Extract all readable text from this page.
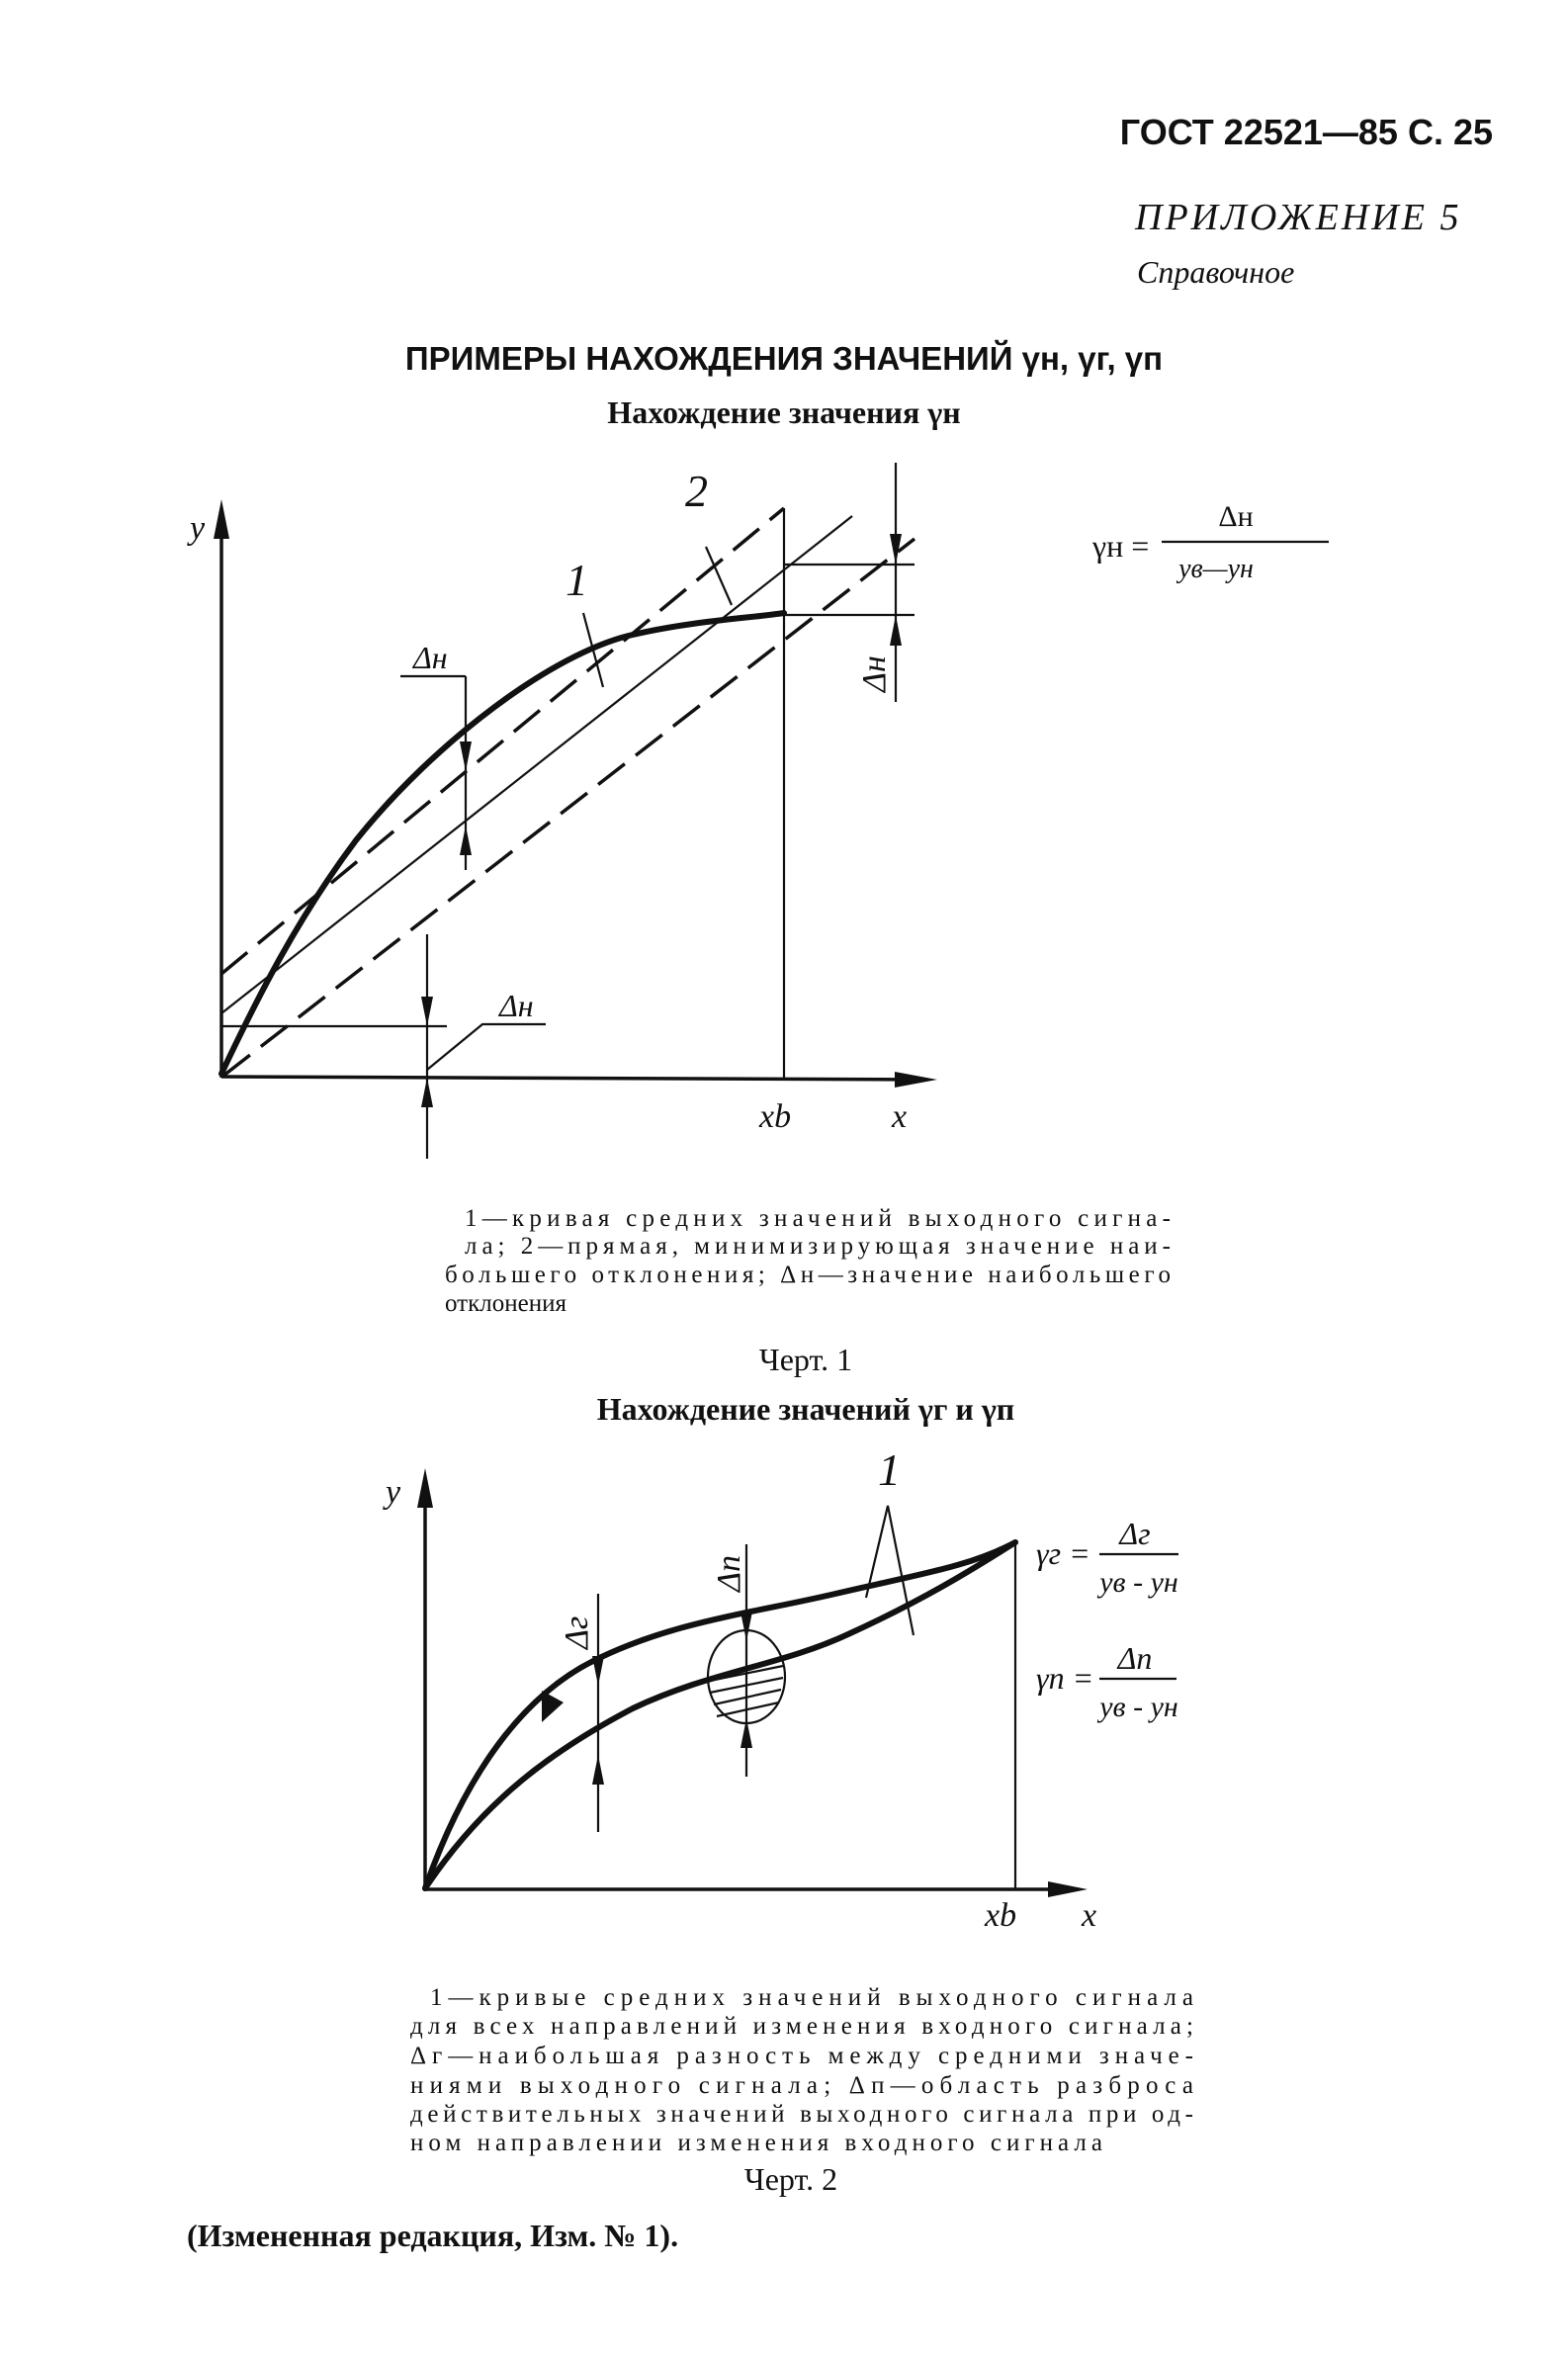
ГОСТ 22521—85 С. 25
ПРИЛОЖЕНИЕ 5
Справочное
ПРИМЕРЫ НАХОЖДЕНИЯ ЗНАЧЕНИЙ γн, γг, γп
Нахождение значения γн
Δн
2
1
Δн
Δн
y
xb	x
γн =
Δн
yв—yн
1—кривая средних значений выходного сигна-
ла; 2—прямая, минимизирующая значение наи-
большего отклонения; Δн—значение наибольшего
отклонения
Черт. 1
Нахождение значений γг и γп
Δг
Δп
1
y
xb x
γг =
Δг
yв - yн
γп =
Δп
yв - yн
1—кривые средних значений выходного сигнала
для всех направлений изменения входного сигнала;
Δг—наибольшая разность между средними значе-
ниями выходного сигнала; Δп—область разброса
действительных значений выходного сигнала при од-
ном направлении изменения входного сигнала
Черт. 2
(Измененная редакция, Изм. № 1).
